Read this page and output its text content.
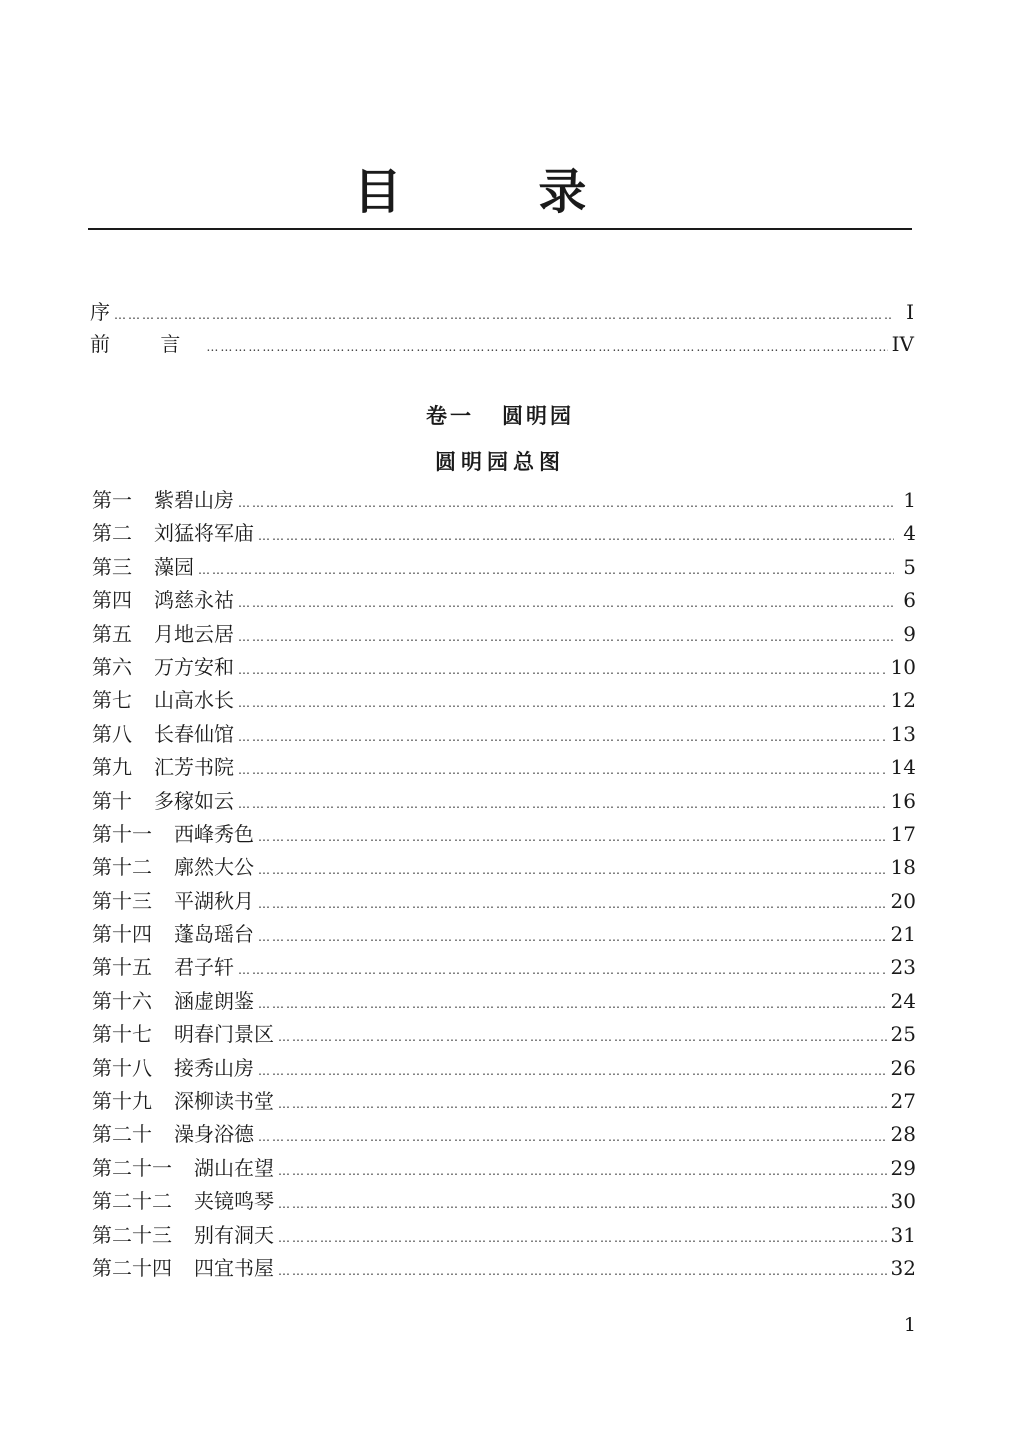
目 录
序 ……………………………………………………………………………………………………………………………………………………………………………………………………………	I
前 言 ……………………………………………………………………………………………………………………………………………………………………………………………………………	IV
卷一 圆明园
圆明园总图
第一 紫碧山房 ……………………………………………………………………………………………………………………………………………………………………………………………………………	1
第二 刘猛将军庙 ……………………………………………………………………………………………………………………………………………………………………………………………………………	4
第三 藻园 ……………………………………………………………………………………………………………………………………………………………………………………………………………	5
第四 鸿慈永祜 ……………………………………………………………………………………………………………………………………………………………………………………………………………	6
第五 月地云居 ……………………………………………………………………………………………………………………………………………………………………………………………………………	9
第六 万方安和 ……………………………………………………………………………………………………………………………………………………………………………………………………………	10
第七 山高水长 ……………………………………………………………………………………………………………………………………………………………………………………………………………	12
第八 长春仙馆 ……………………………………………………………………………………………………………………………………………………………………………………………………………	13
第九 汇芳书院 ……………………………………………………………………………………………………………………………………………………………………………………………………………	14
第十 多稼如云 ……………………………………………………………………………………………………………………………………………………………………………………………………………	16
第十一 西峰秀色 ……………………………………………………………………………………………………………………………………………………………………………………………………………	17
第十二 廓然大公 ……………………………………………………………………………………………………………………………………………………………………………………………………………	18
第十三 平湖秋月 ……………………………………………………………………………………………………………………………………………………………………………………………………………	20
第十四 蓬岛瑶台 ……………………………………………………………………………………………………………………………………………………………………………………………………………	21
第十五 君子轩 ……………………………………………………………………………………………………………………………………………………………………………………………………………	23
第十六 涵虚朗鉴 ……………………………………………………………………………………………………………………………………………………………………………………………………………	24
第十七 明春门景区 ……………………………………………………………………………………………………………………………………………………………………………………………………………	25
第十八 接秀山房 ……………………………………………………………………………………………………………………………………………………………………………………………………………	26
第十九 深柳读书堂 ……………………………………………………………………………………………………………………………………………………………………………………………………………	27
第二十 澡身浴德 ……………………………………………………………………………………………………………………………………………………………………………………………………………	28
第二十一 湖山在望 ……………………………………………………………………………………………………………………………………………………………………………………………………………	29
第二十二 夹镜鸣琴 ……………………………………………………………………………………………………………………………………………………………………………………………………………	30
第二十三 别有洞天 ……………………………………………………………………………………………………………………………………………………………………………………………………………	31
第二十四 四宜书屋 ……………………………………………………………………………………………………………………………………………………………………………………………………………	32
1
